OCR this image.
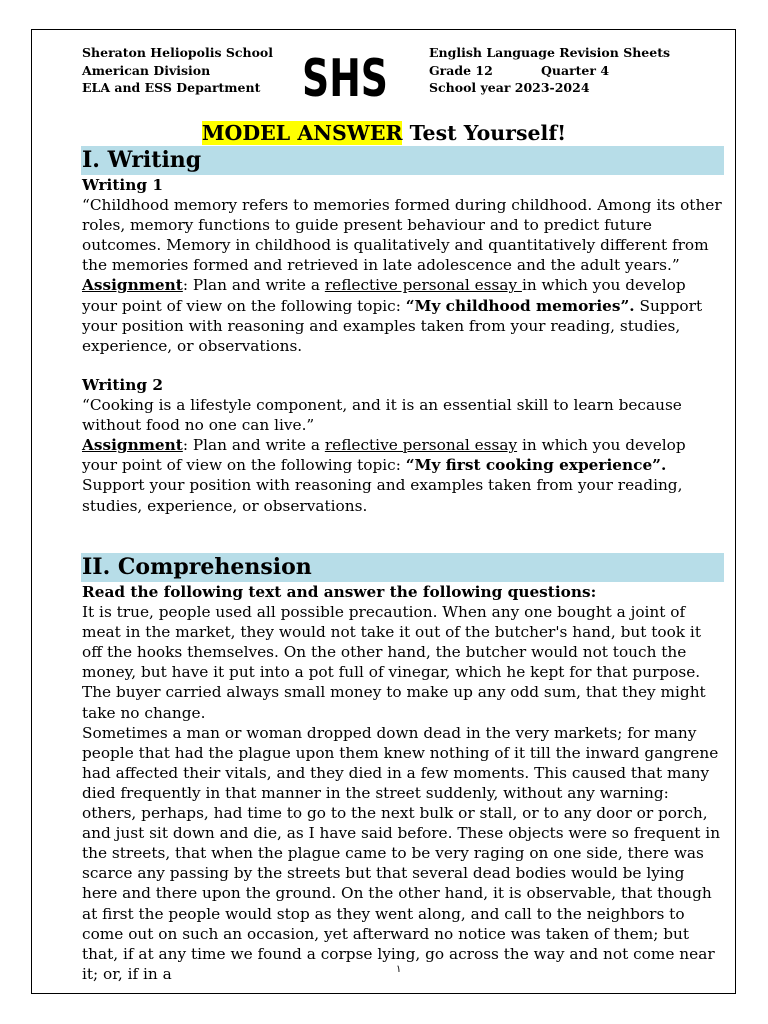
Sheraton Heliopolis School
American Division
ELA and ESS Department SHS	English Language Revision Sheets
Grade 12	Quarter 4
School year 2023-2024
MODEL ANSWER Test Yourself!
I. Writing

Writing 1

“Childhood memory refers to memories formed during childhood. Among its other roles, memory functions to guide present behaviour and to predict future outcomes. Memory in childhood is qualitatively and quantitatively different from the memories formed and retrieved in late adolescence and the adult years.”

Assignment: Plan and write a reflective personal essay in which you develop your point of view on the following topic: “My childhood memories”. Support your position with reasoning and examples taken from your reading, studies, experience, or observations.

Writing 2

“Cooking is a lifestyle component, and it is an essential skill to learn because without food no one can live.”

Assignment: Plan and write a reflective personal essay in which you develop your point of view on the following topic: “My first cooking experience”. Support your position with reasoning and examples taken from your reading, studies, experience, or observations.

II. Comprehension

Read the following text and answer the following questions:

It is true, people used all possible precaution. When any one bought a joint of meat in the market, they would not take it out of the butcher's hand, but took it off the hooks themselves. On the other hand, the butcher would not touch the money, but have it put into a pot full of vinegar, which he kept for that purpose. The buyer carried always small money to make up any odd sum, that they might take no change.

Sometimes a man or woman dropped down dead in the very markets; for many people that had the plague upon them knew nothing of it till the inward gangrene had affected their vitals, and they died in a few moments. This caused that many died frequently in that manner in the street suddenly, without any warning: others, perhaps, had time to go to the next bulk or stall, or to any door or porch, and just sit down and die, as I have said before. These objects were so frequent in the streets, that when the plague came to be very raging on one side, there was scarce any passing by the streets but that several dead bodies would be lying here and there upon the ground. On the other hand, it is observable, that though at first the people would stop as they went along, and call to the neighbors to come out on such an occasion, yet afterward no notice was taken of them; but that, if at any time we found a corpse lying, go across the way and not come near it; or, if in a	١
